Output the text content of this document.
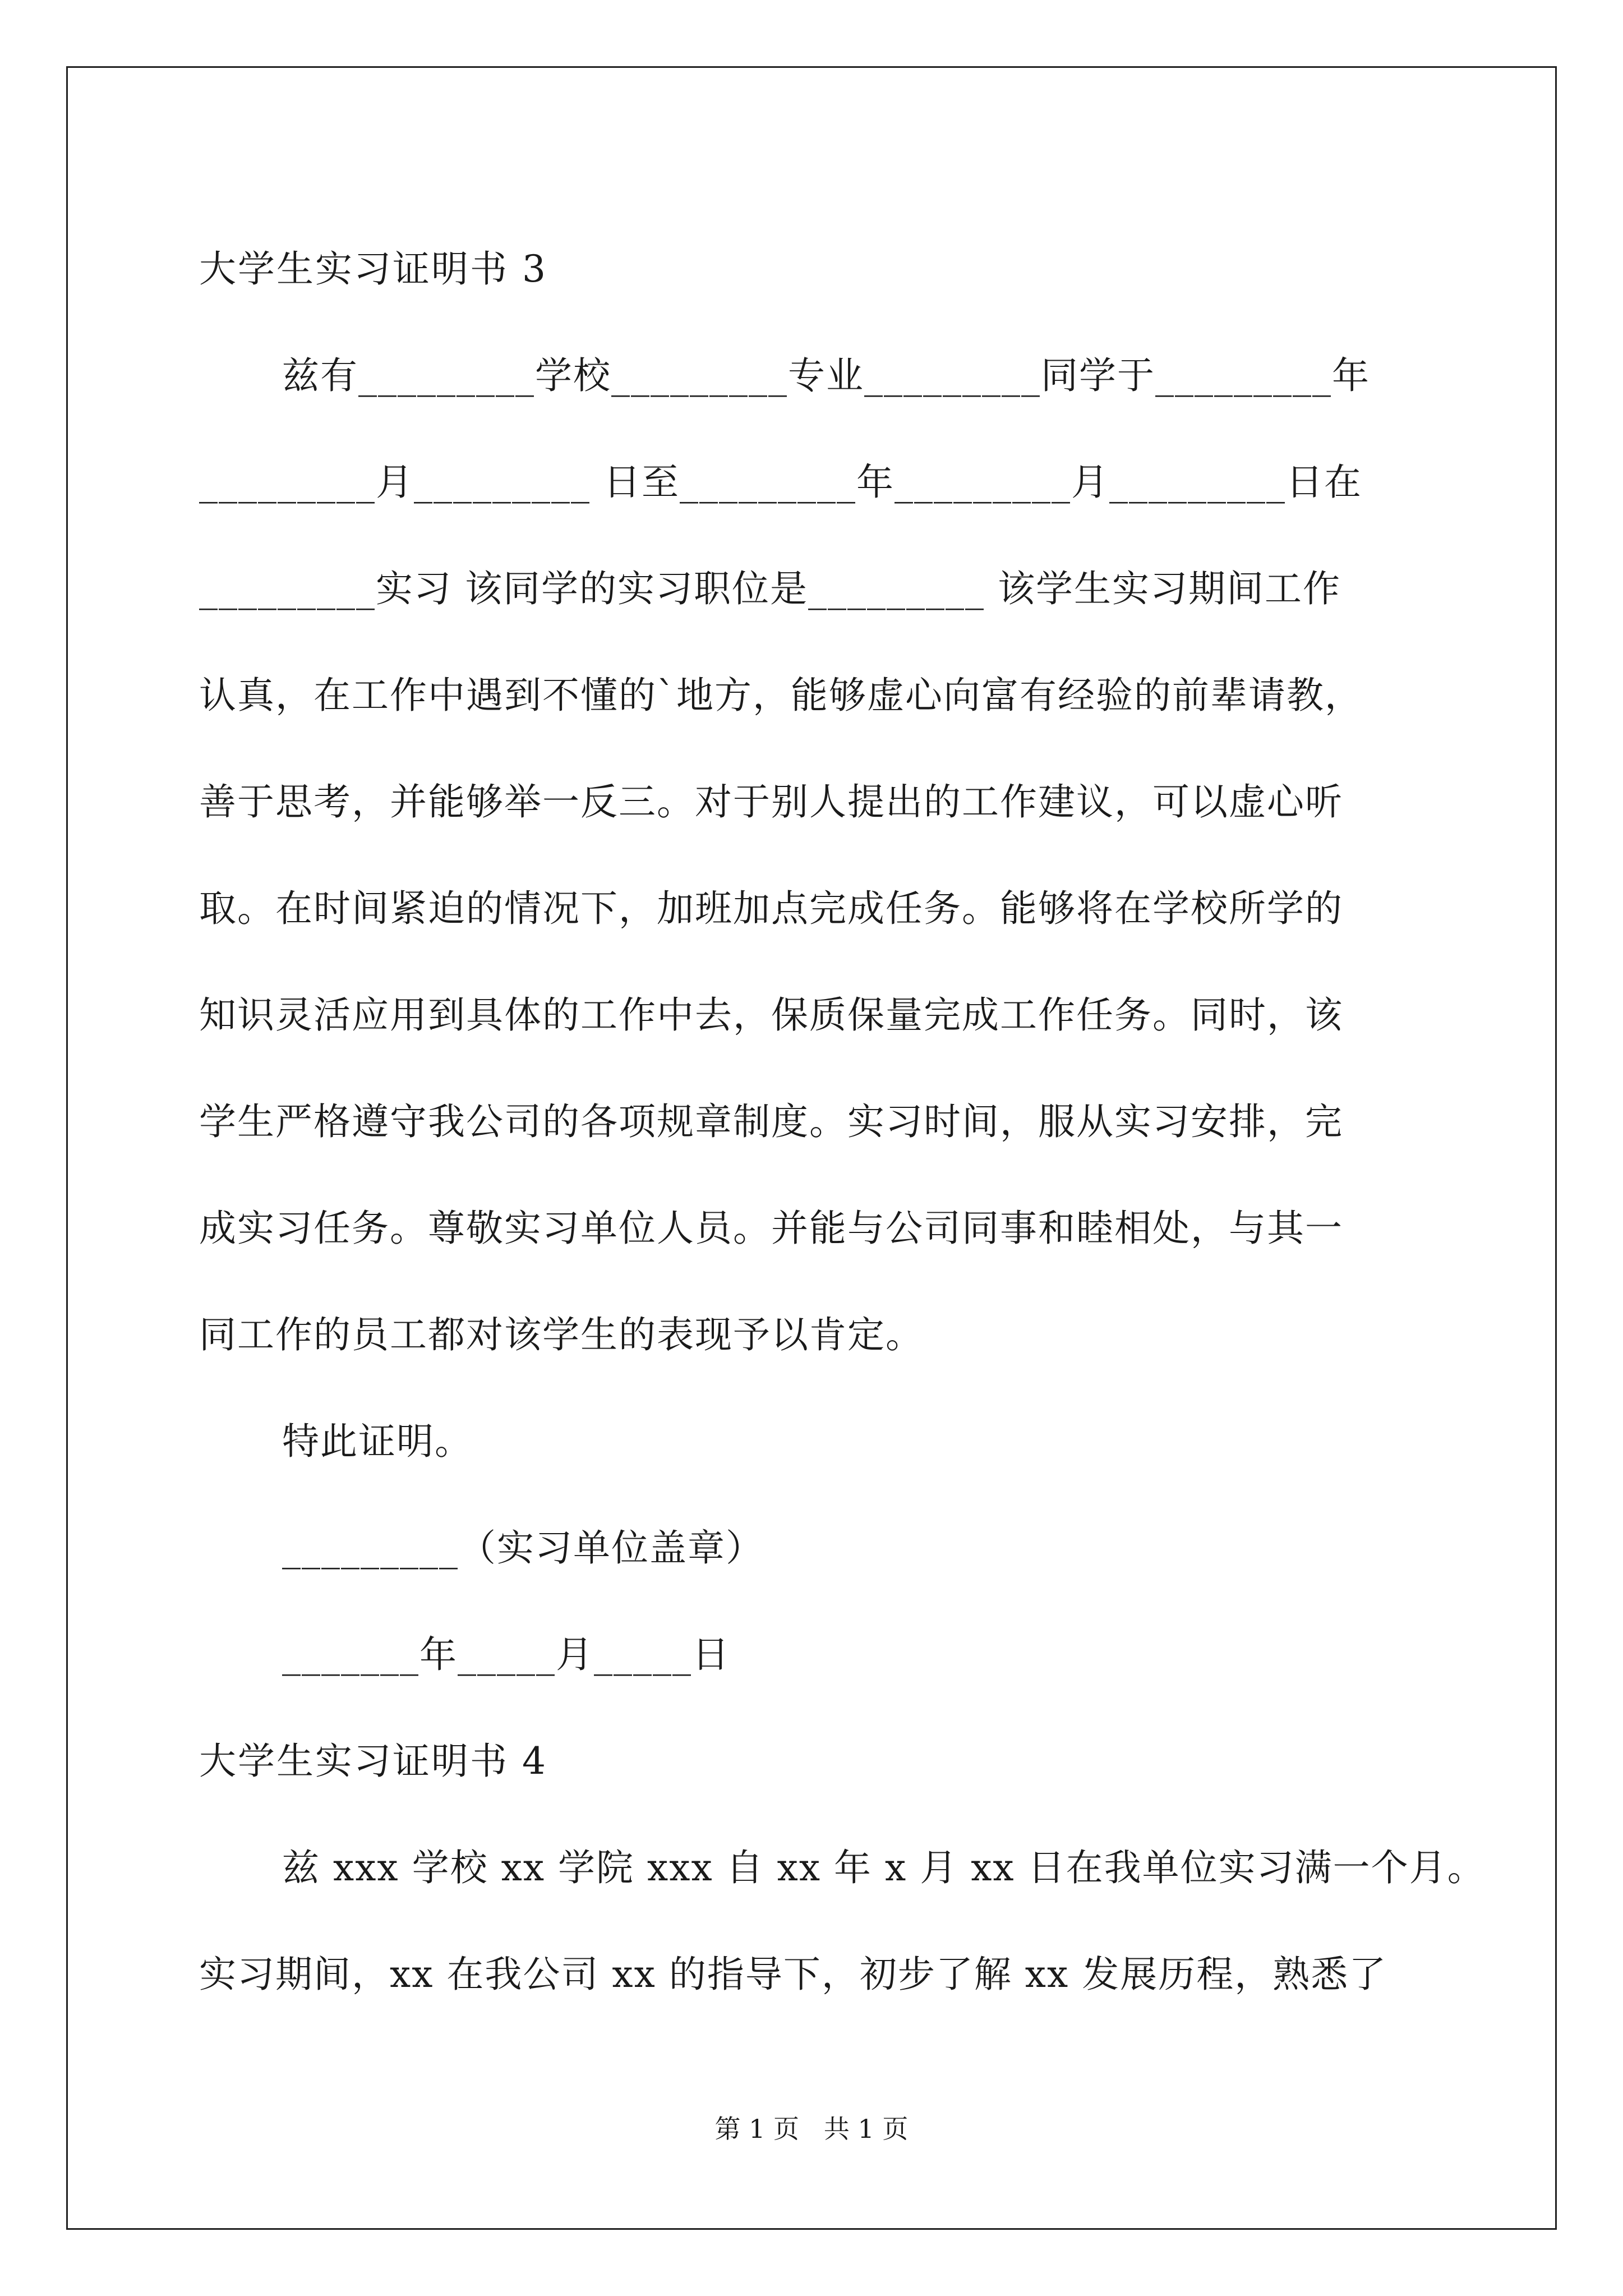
大学生实习证明书 3
兹有_________学校_________专业_________同学于_________年
_________月_________ 日至_________年_________月_________日在
_________实习 该同学的实习职位是_________ 该学生实习期间工作
认真，在工作中遇到不懂的`地方，能够虚心向富有经验的前辈请教，
善于思考，并能够举一反三。对于别人提出的工作建议，可以虚心听
取。在时间紧迫的情况下，加班加点完成任务。能够将在学校所学的
知识灵活应用到具体的工作中去，保质保量完成工作任务。同时，该
学生严格遵守我公司的各项规章制度。实习时间，服从实习安排，完
成实习任务。尊敬实习单位人员。并能与公司同事和睦相处，与其一
同工作的员工都对该学生的表现予以肯定。
特此证明。
_________（实习单位盖章）
_______年_____月_____日
大学生实习证明书 4
兹 xxx 学校 xx 学院 xxx 自 xx 年 x 月 xx 日在我单位实习满一个月。
实习期间，xx 在我公司 xx 的指导下，初步了解 xx 发展历程，熟悉了
第 1 页   共 1 页
